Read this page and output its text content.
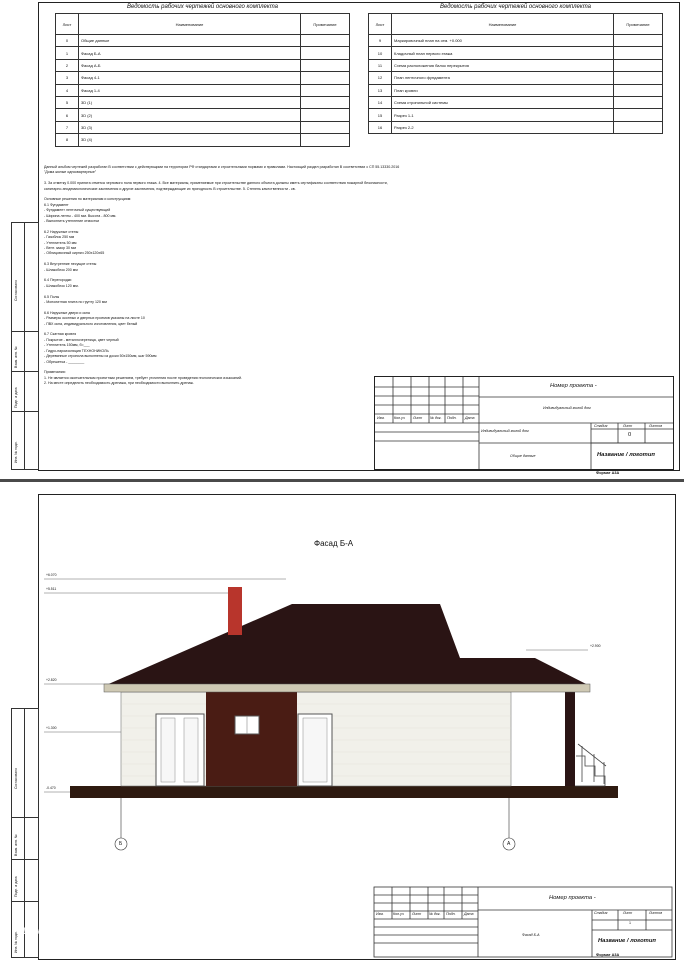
Ведомость рабочих чертежей основного комплекта
Лист	Наименование	Примечание
0	Общие данные	
1	Фасад Б-А	
2	Фасад А-Б	
3	Фасад 4-1	
4	Фасад 1-4	
5	3D (1)	
6	3D (2)	
7	3D (3)	
8	3D (4)	
Ведомость рабочих чертежей основного комплекта
Лист	Наименование	Примечание
9	Маркировочный план на отм. +0.000	
10	Кладочный план первого этажа	
11	Схема расположения балок перекрытия	
12	План ленточного фундамента	
13	План кровли	
14	Схема стропильной системы	
15	Разрез 1-1	
16	Разрез 2-2	
Данный альбом чертежей разработан В соответствии с действующими на территории РФ стандартами и строительными нормами и правилами. Настоящий раздел разработан В соответствии с СП 55.13330.2016
"Дома жилые одноквартирные"
3. За отметку 0.000 принята отметка чернового пола первого этажа. 4. Все материалы, применяемые при строительстве данного объекта должны иметь сертификаты соответствия пожарной безопасности,
санитарно-эпидемиологические заключения и другие заключения, подтверждающие их пригодность В строительстве. 5. Степень качественности - кв.
Основные решения по материалам и конструкциям:
6.1 Фундамент
- Фундамент ленточный существующий
- Ширина ленты - 400 мм. Высота - 800 мм.
- Выполнить утепление отмостки
6.2 Наружные стены
- Газоблок 250 мм
- Утеплитель 50 мм
- Вент. зазор 30 мм
- Облицовочный кирпич 250х120х65
6.3 Внутренние несущие стены
- Шлакоблок 200 мм
6.4 Перегородки
- Шлакоблок 120 мм.
6.5 Полы
- Монолитная плита по грунту 120 мм
6.6 Наружные двери и окна
- Размеры оконных и дверных проемов указаны на листе 10
- ПВХ окна, индивидуального изготовления, цвет белый
6.7 Скатная кровля
- Покрытие - металлочерепица, цвет черный
- Утеплитель 150мм, б=___
- Гидро-пароизоляция ТЕХНОНИКОЛЬ
- Деревянные стропила выполнены из доски 50х150мм, шаг 590мм
- Обрешетка - ________
Примечания:
1. Не является окончательным проектным решением, требует уточнения после проведения геологических изысканий.
2. На месте определить необходимость дренажа, при необходимости выполнить дренаж.
Согласовано
Взам. инв. №
Подп. и дата
Инв. № подл.
Изм.	Кол.уч Лист № док. Подп. Дата
Номер проекта -
Индивидуальный жилой дом
Индивидуальный жилой дом
Стадия	Лист	Листов
0
Общие данные	Название / логотип
Формат А3А
Фасад Б-А
+6.070
+5.511
+2.820
+1.300
-0.470
+2.900
Б	А
Согласовано
Взам. инв. №
Подп. и дата
Инв. № подл.
Изм.	Кол.уч Лист № док. Подп. Дата
Номер проекта -
Стадия	Лист	Листов
1
Фасад Б-А
Название / логотип
Формат А3А
Домклик
